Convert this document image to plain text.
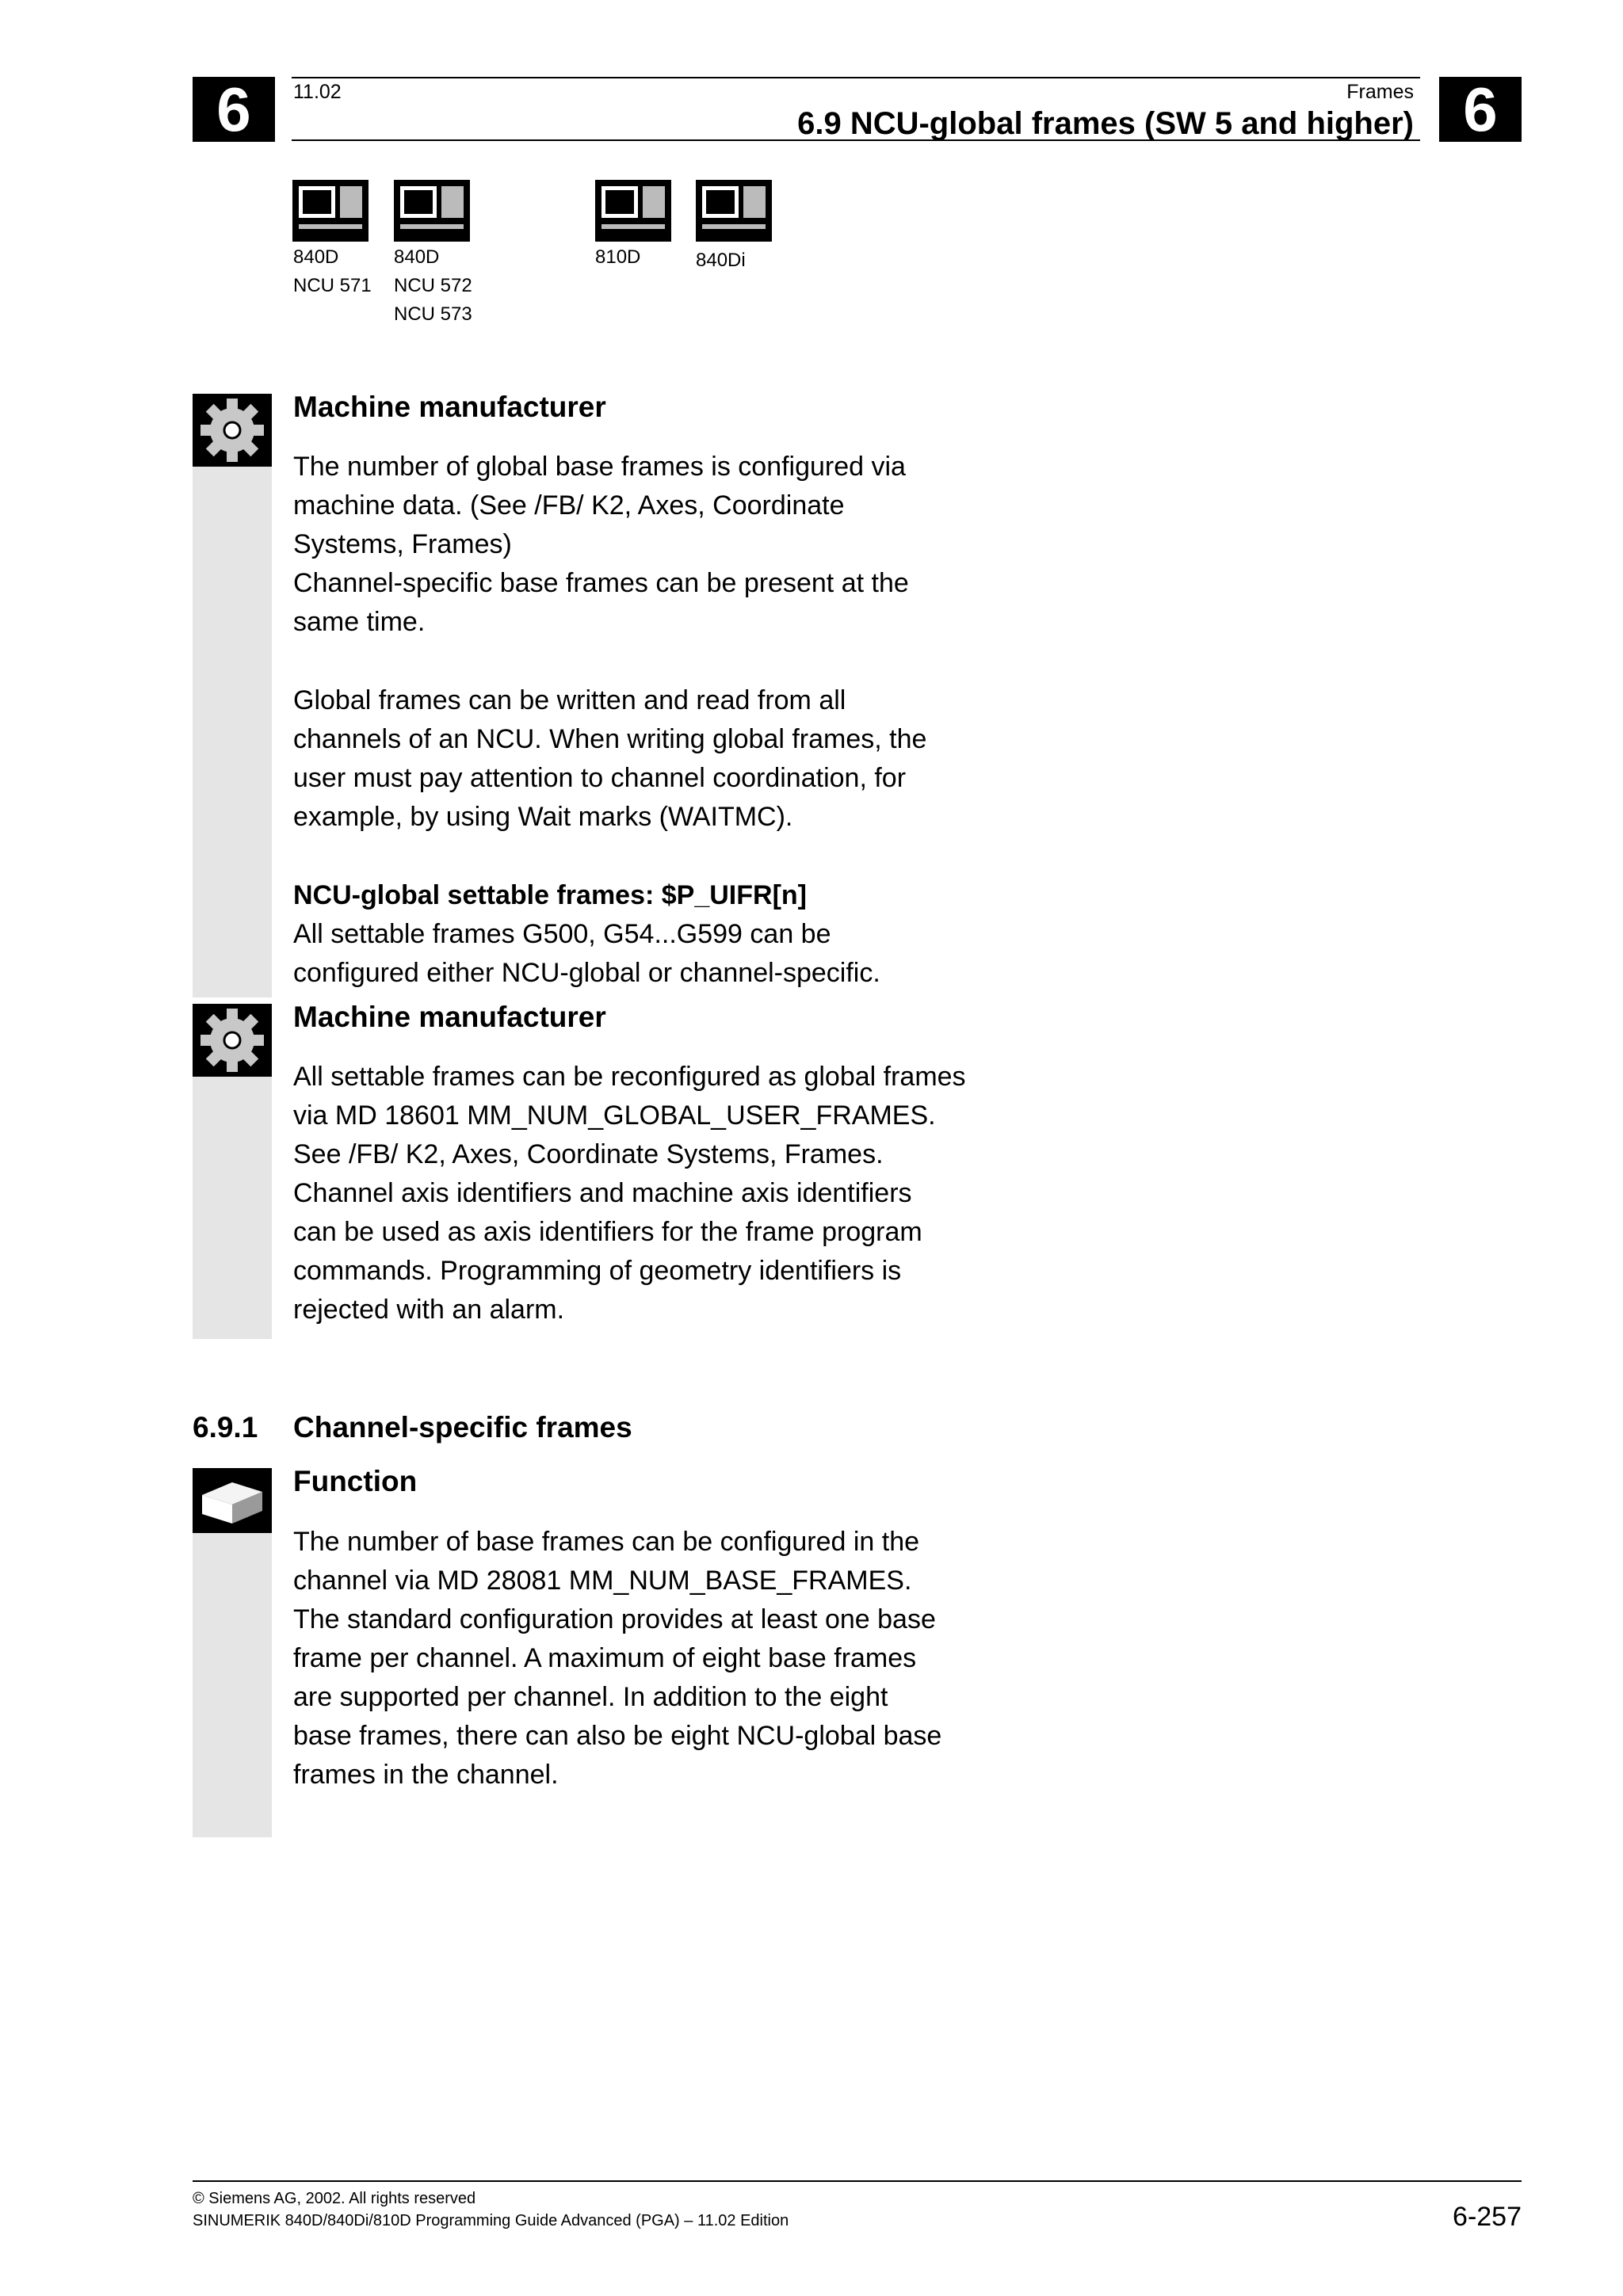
6	6
11.02	Frames
6.9 NCU-global frames (SW 5 and higher)
840D
NCU 571
840D
NCU 572
NCU 573
810D	840Di
Machine manufacturer
The number of global base frames is configured via
machine data. (See /FB/ K2, Axes, Coordinate
Systems, Frames)
Channel-specific base frames can be present at the
same time.
Global frames can be written and read from all
channels of an NCU. When writing global frames, the
user must pay attention to channel coordination, for
example, by using Wait marks (WAITMC).
NCU-global settable frames: $P_UIFR[n]
All settable frames G500, G54...G599 can be
configured either NCU-global or channel-specific.
Machine manufacturer
All settable frames can be reconfigured as global frames
via MD 18601 MM_NUM_GLOBAL_USER_FRAMES.
See /FB/ K2, Axes, Coordinate Systems, Frames.
Channel axis identifiers and machine axis identifiers
can be used as axis identifiers for the frame program
commands. Programming of geometry identifiers is
rejected with an alarm.
6.9.1 Channel-specific frames
Function
The number of base frames can be configured in the
channel via MD 28081 MM_NUM_BASE_FRAMES.
The standard configuration provides at least one base
frame per channel. A maximum of eight base frames
are supported per channel. In addition to the eight
base frames, there can also be eight NCU-global base
frames in the channel.
© Siemens AG, 2002. All rights reserved
SINUMERIK 840D/840Di/810D Programming Guide Advanced (PGA) – 11.02 Edition	6-257
